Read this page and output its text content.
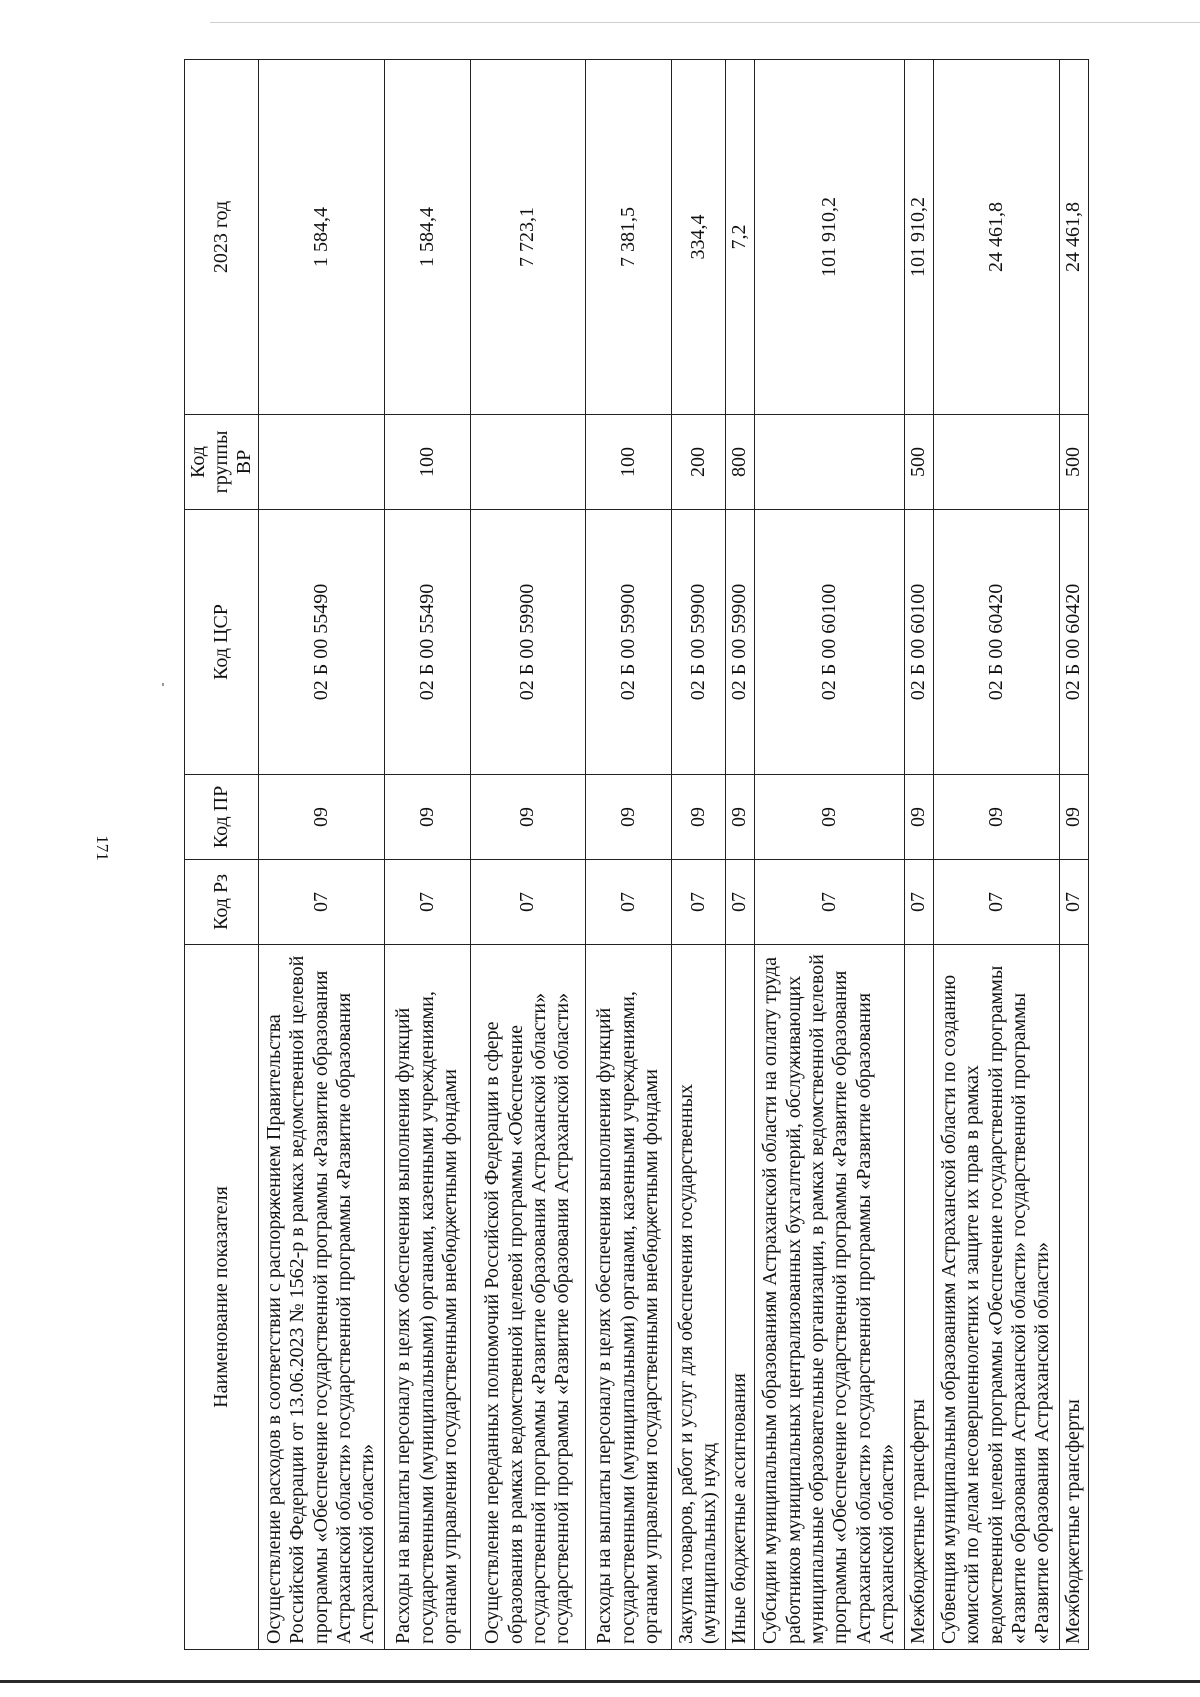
171
Наименование показателя	Код Рз	Код ПР	Код ЦСР	Код группы ВР	2023 год
Осуществление расходов в соответствии с распоряжением Правительства Российской Федерации от 13.06.2023 № 1562-р в рамках ведомственной целевой программы «Обеспечение государственной программы «Развитие образования Астраханской области» государственной программы «Развитие образования Астраханской области»	07	09	02 Б 00 55490		1 584,4
Расходы на выплаты персоналу в целях обеспечения выполнения функций государственными (муниципальными) органами, казенными учреждениями, органами управления государственными внебюджетными фондами	07	09	02 Б 00 55490	100	1 584,4
Осуществление переданных полномочий Российской Федерации в сфере образования в рамках ведомственной целевой программы «Обеспечение государственной программы «Развитие образования Астраханской области» государственной программы «Развитие образования Астраханской области»	07	09	02 Б 00 59900		7 723,1
Расходы на выплаты персоналу в целях обеспечения выполнения функций государственными (муниципальными) органами, казенными учреждениями, органами управления государственными внебюджетными фондами	07	09	02 Б 00 59900	100	7 381,5
Закупка товаров, работ и услуг для обеспечения государственных (муниципальных) нужд	07	09	02 Б 00 59900	200	334,4
Иные бюджетные ассигнования	07	09	02 Б 00 59900	800	7,2
Субсидии муниципальным образованиям Астраханской области на оплату труда работников муниципальных централизованных бухгалтерий, обслуживающих муниципальные образовательные организации, в рамках ведомственной целевой программы «Обеспечение государственной программы «Развитие образования Астраханской области» государственной программы «Развитие образования Астраханской области»	07	09	02 Б 00 60100		101 910,2
Межбюджетные трансферты	07	09	02 Б 00 60100	500	101 910,2
Субвенция муниципальным образованиям Астраханской области по созданию комиссий по делам несовершеннолетних и защите их прав в рамках ведомственной целевой программы «Обеспечение государственной программы «Развитие образования Астраханской области» государственной программы «Развитие образования Астраханской области»	07	09	02 Б 00 60420		24 461,8
Межбюджетные трансферты	07	09	02 Б 00 60420	500	24 461,8
